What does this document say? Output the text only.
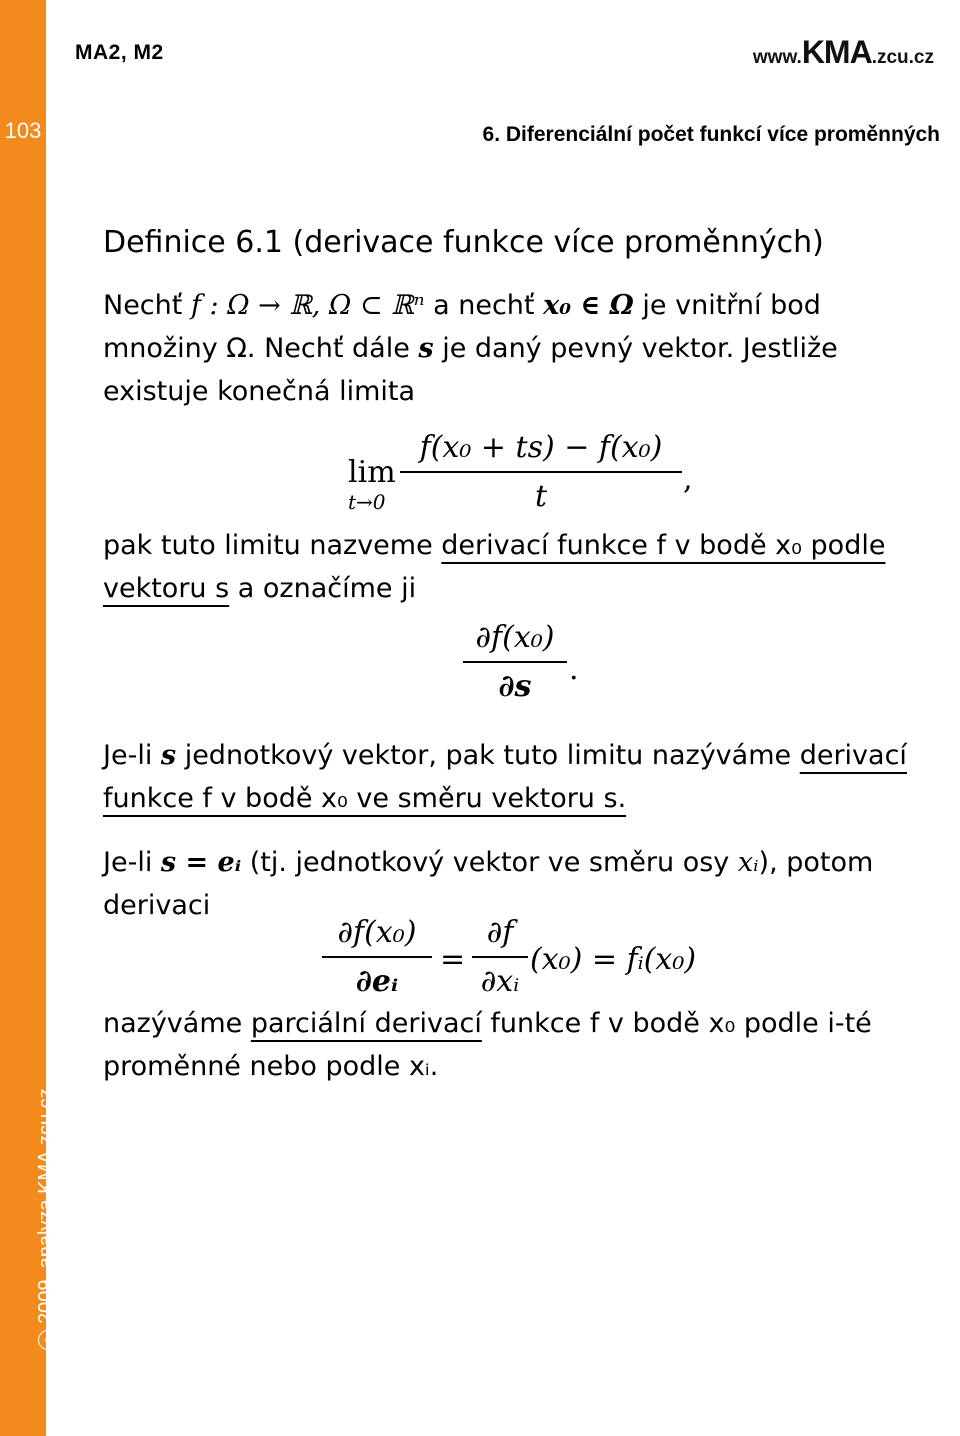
103
c2009, analyza.KMA.zcu.cz
MA2, M2	www.KMA.zcu.cz
6. Diferenciální počet funkcí více proměnných
Definice 6.1 (derivace funkce více proměnných)
Nechť f : Ω → ℝ, Ω ⊂ ℝⁿ a nechť x₀ ∈ Ω je vnitřní bod
množiny Ω. Nechť dále s je daný pevný vektor. Jestliže
existuje konečná limita
lim
t→0
f(x₀ + ts) − f(x₀)
t	,
pak tuto limitu nazveme derivací funkce f v bodě x₀ podle
vektoru s a označíme ji
∂f(x₀)
∂s	.
Je-li s jednotkový vektor, pak tuto limitu nazýváme derivací
funkce f v bodě x₀ ve směru vektoru s.
Je-li s = eᵢ (tj. jednotkový vektor ve směru osy xᵢ), potom
derivaci
∂f(x₀)
∂eᵢ
=
∂f
∂xᵢ
(x₀) = fᵢ(x₀)
nazýváme parciální derivací funkce f v bodě x₀ podle i-té
proměnné nebo podle xᵢ.
